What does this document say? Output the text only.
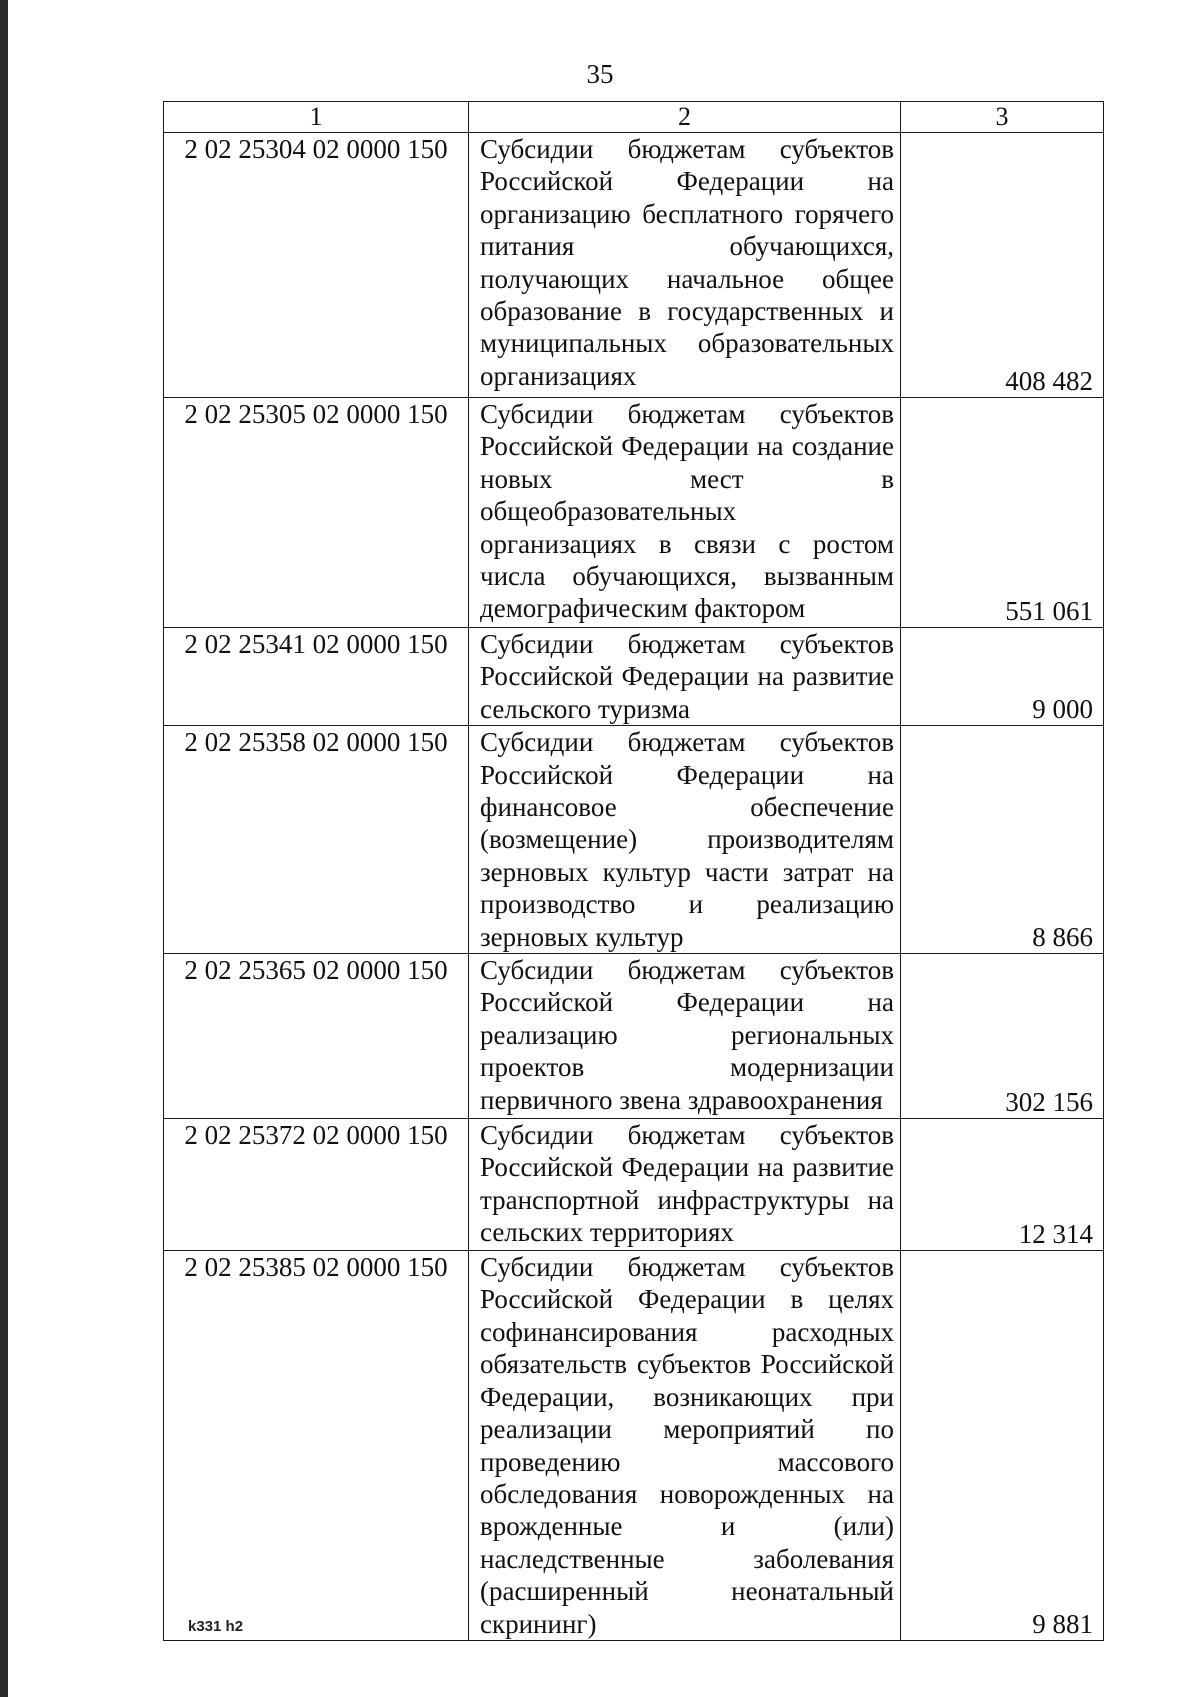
35
1	2	3
2 02 25304 02 0000 150	Субсидии бюджетам субъектов Российской Федерации на организацию бесплатного горячего питания обучающихся, получающих начальное общее образование в государственных и муниципальных образовательных организациях	408 482
2 02 25305 02 0000 150	Субсидии бюджетам субъектов Российской Федерации на создание новых мест в общеобразовательных организациях в связи с ростом числа обучающихся, вызванным демографическим фактором	551 061
2 02 25341 02 0000 150	Субсидии бюджетам субъектов Российской Федерации на развитие сельского туризма	9 000
2 02 25358 02 0000 150	Субсидии бюджетам субъектов Российской Федерации на финансовое обеспечение (возмещение) производителям зерновых культур части затрат на производство и реализацию зерновых культур	8 866
2 02 25365 02 0000 150	Субсидии бюджетам субъектов Российской Федерации на реализацию региональных проектов модернизации первичного звена здравоохранения	302 156
2 02 25372 02 0000 150	Субсидии бюджетам субъектов Российской Федерации на развитие транспортной инфраструктуры на сельских территориях	12 314
2 02 25385 02 0000 150	Субсидии бюджетам субъектов Российской Федерации в целях софинансирования расходных обязательств субъектов Российской Федерации, возникающих при реализации мероприятий по проведению массового обследования новорожденных на врожденные и (или) наследственные заболевания (расширенный неонатальный скрининг)	9 881
k331 h2
